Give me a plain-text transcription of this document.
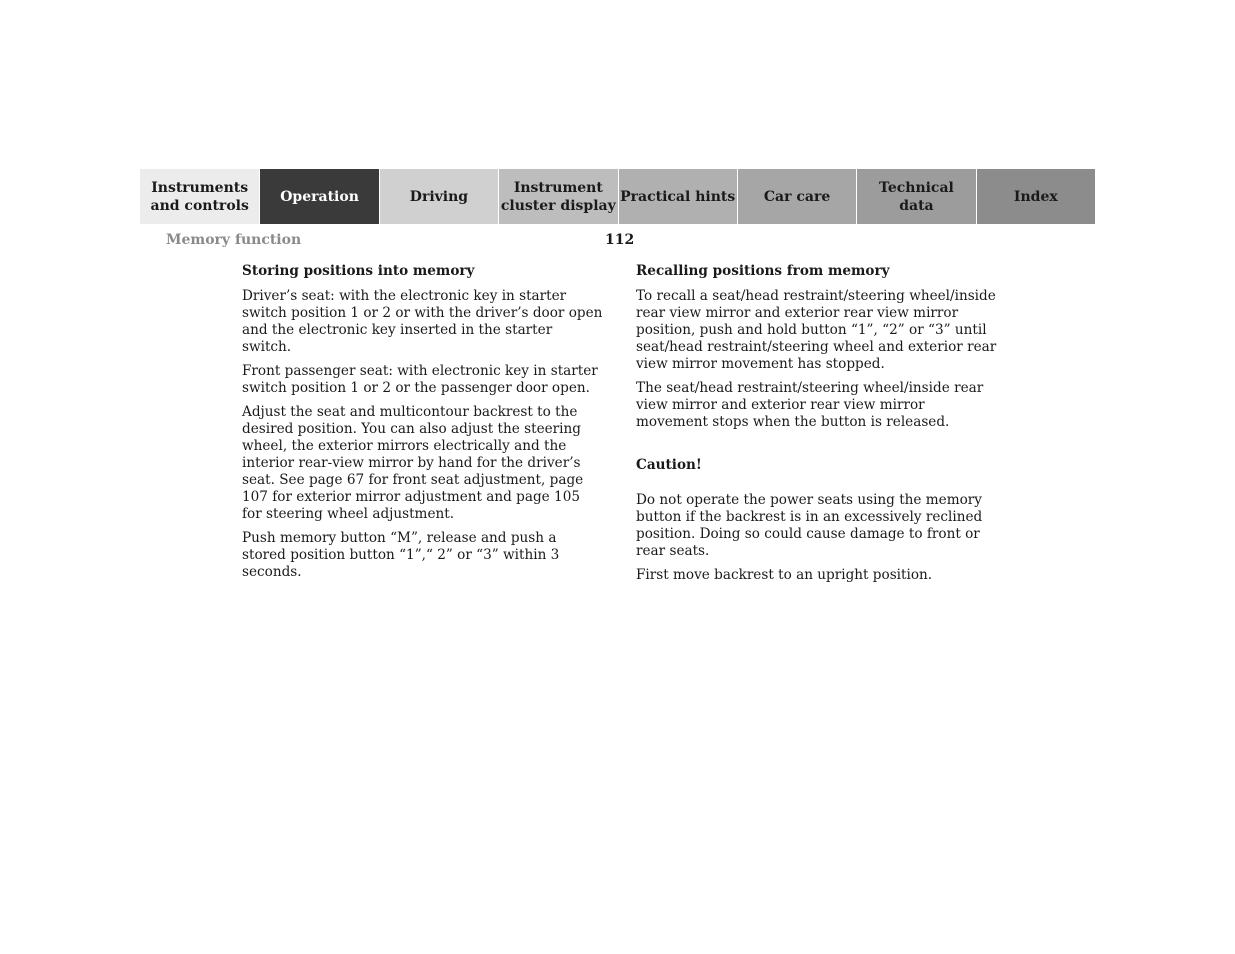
Instruments
and controls
Operation	Driving
Instrument
cluster display
Practical hints Car care
Technical
data
Index
Memory function	112
Storing positions into memory

Driver’s seat: with the electronic key in starter switch position 1 or 2 or with the driver’s door open and the electronic key inserted in the starter switch.

Front passenger seat: with electronic key in starter switch position 1 or 2 or the passenger door open.

Adjust the seat and multicontour backrest to the desired position. You can also adjust the steering wheel, the exterior mirrors electrically and the interior rear-view mirror by hand for the driver’s seat. See page 67 for front seat adjustment, page 107 for exterior mirror adjustment and page 105 for steering wheel adjustment.

Push memory button “M”, release and push a stored position button “1”,“ 2” or “3” within 3 seconds.

Recalling positions from memory

To recall a seat/head restraint/steering wheel/inside rear view mirror and exterior rear view mirror position, push and hold button “1”, “2” or “3” until seat/head restraint/steering wheel and exterior rear view mirror movement has stopped.

The seat/head restraint/steering wheel/inside rear view mirror and exterior rear view mirror movement stops when the button is released.

Caution!

Do not operate the power seats using the memory button if the backrest is in an excessively reclined position. Doing so could cause damage to front or rear seats.

First move backrest to an upright position.
